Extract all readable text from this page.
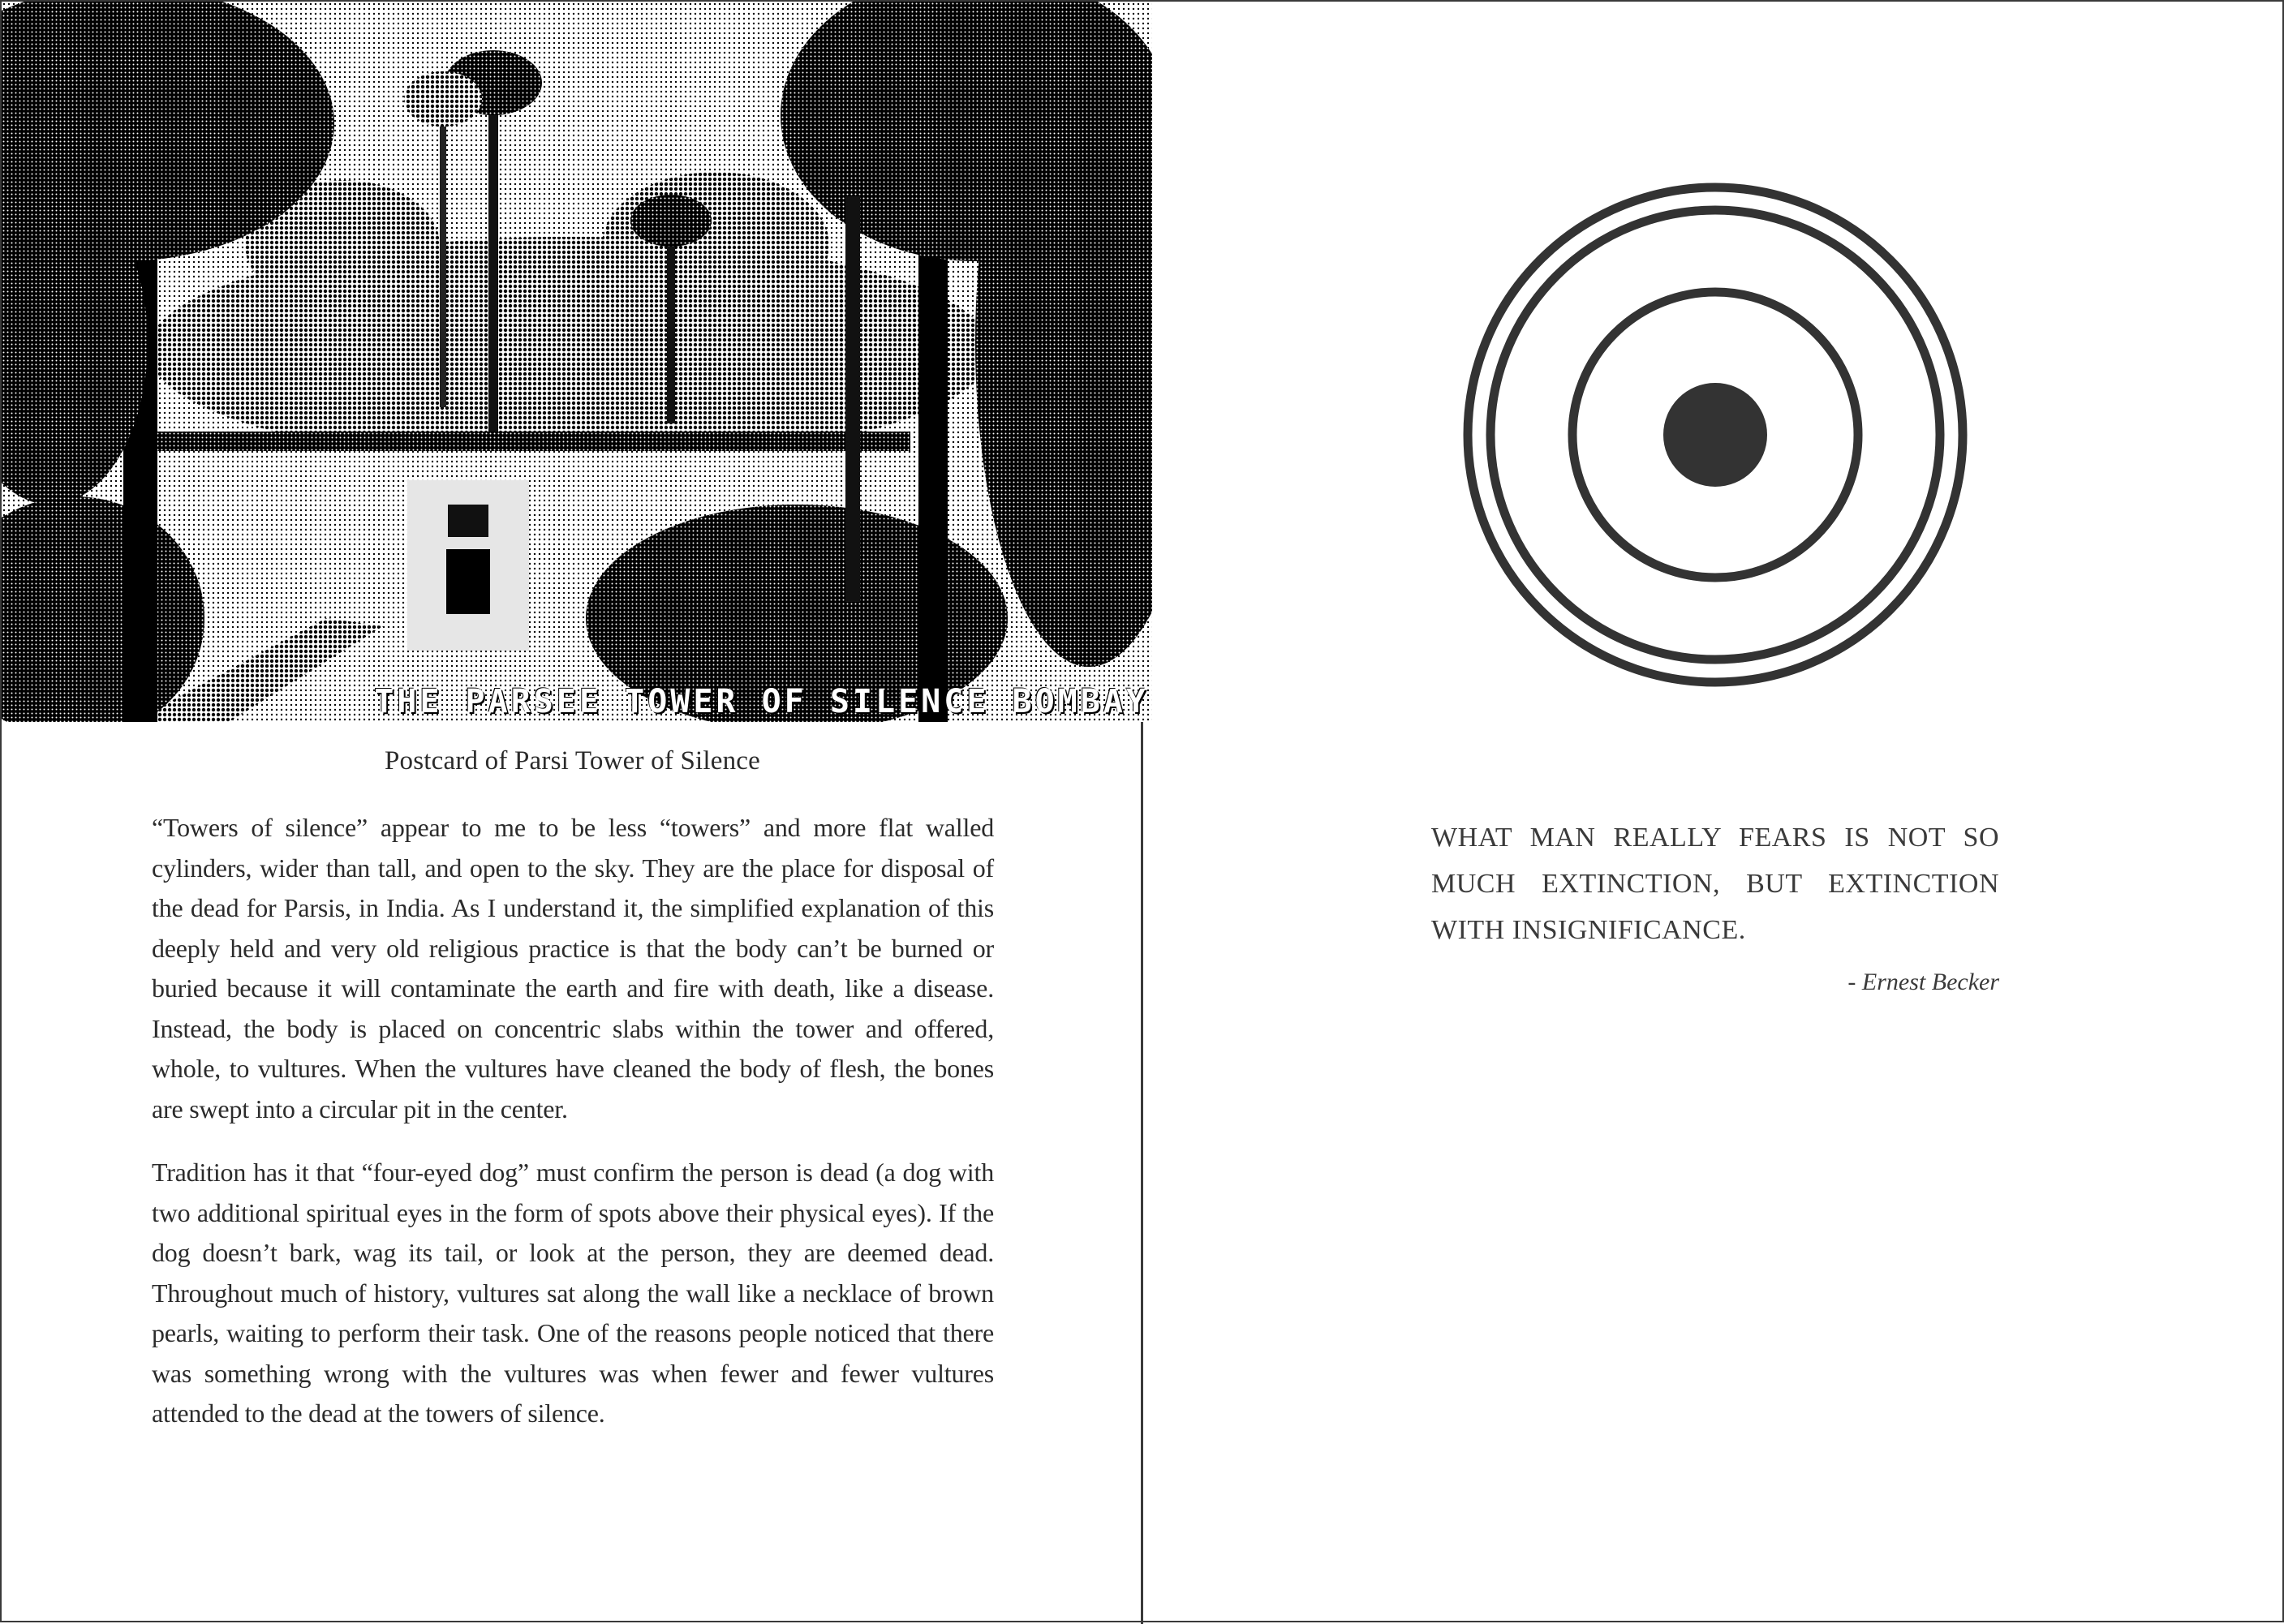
THE PARSEE TOWER OF SILENCE BOMBAY
Postcard of Parsi Tower of Silence

“Towers of silence” appear to me to be less “towers” and more flat walled cylinders, wider than tall, and open to the sky. They are the place for disposal of the dead for Parsis, in India. As I understand it, the simplified explanation of this deeply held and very old religious practice is that the body can’t be burned or buried because it will contaminate the earth and fire with death, like a disease. Instead, the body is placed on concentric slabs within the tower and offered, whole, to vultures. When the vultures have cleaned the body of flesh, the bones are swept into a circular pit in the center.

Tradition has it that “four-eyed dog” must confirm the person is dead (a dog with two additional spiritual eyes in the form of spots above their physical eyes). If the dog doesn’t bark, wag its tail, or look at the person, they are deemed dead. Throughout much of history, vultures sat along the wall like a necklace of brown pearls, waiting to perform their task. One of the reasons people noticed that there was something wrong with the vultures was when fewer and fewer vultures attended to the dead at the towers of silence.

WHAT MAN REALLY FEARS IS NOT SO MUCH EXTINCTION, BUT EXTINCTION WITH INSIGNIFICANCE.
- Ernest Becker
